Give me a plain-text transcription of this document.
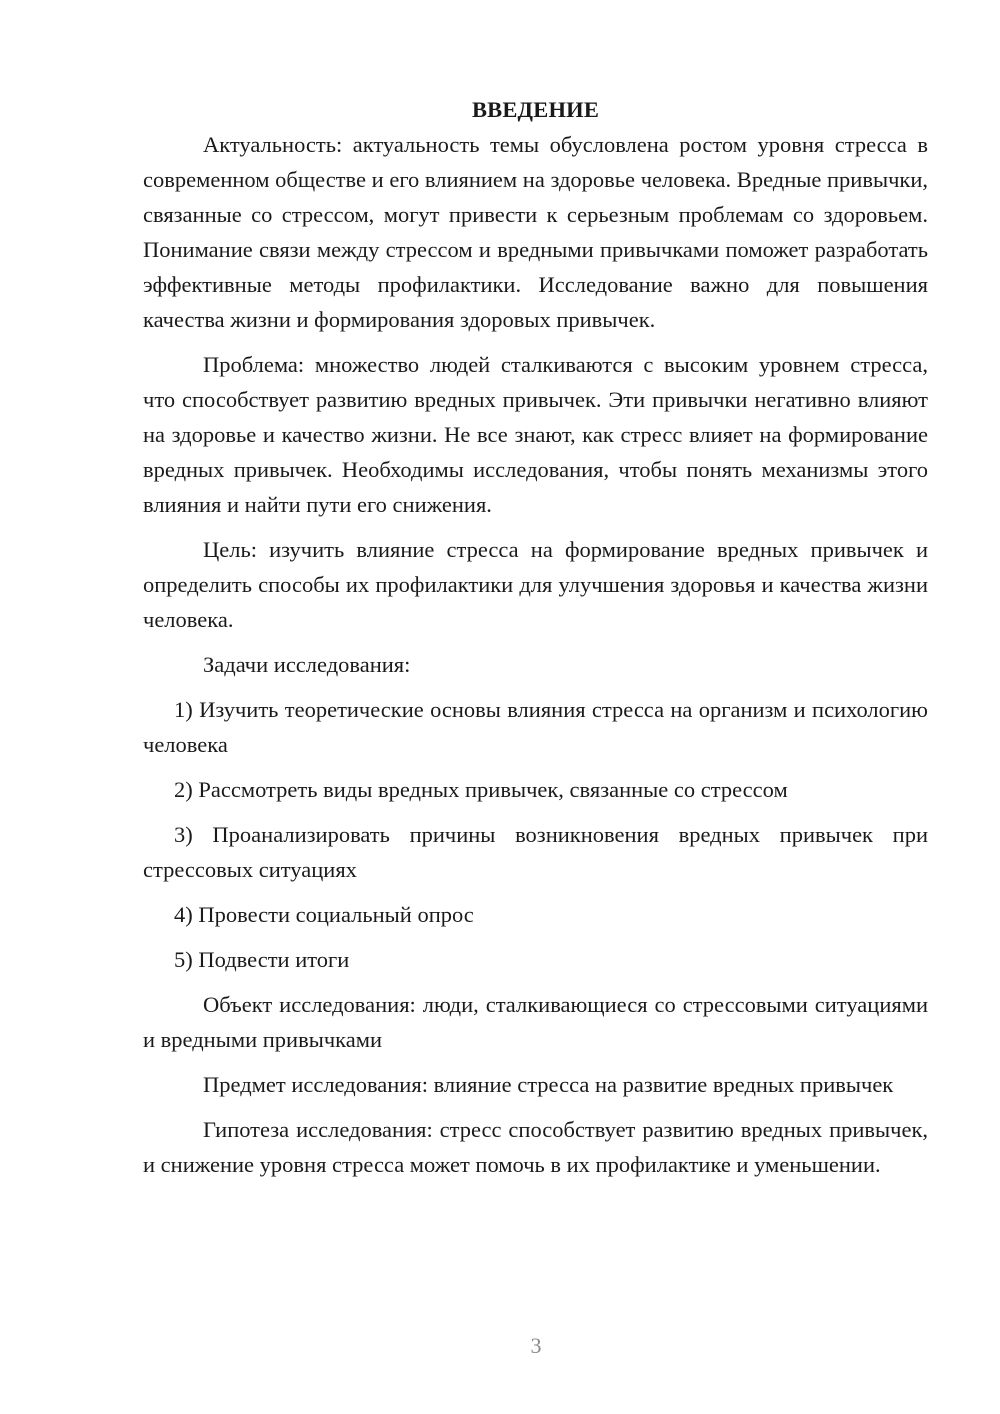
ВВЕДЕНИЕ

Актуальность: актуальность темы обусловлена ростом уровня стресса в современном обществе и его влиянием на здоровье человека. Вредные привычки, связанные со стрессом, могут привести к серьезным проблемам со здоровьем. Понимание связи между стрессом и вредными привычками поможет разработать эффективные методы профилактики. Исследование важно для повышения качества жизни и формирования здоровых привычек.

Проблема: множество людей сталкиваются с высоким уровнем стресса, что способствует развитию вредных привычек. Эти привычки негативно влияют на здоровье и качество жизни. Не все знают, как стресс влияет на формирование вредных привычек. Необходимы исследования, чтобы понять механизмы этого влияния и найти пути его снижения.

Цель: изучить влияние стресса на формирование вредных привычек и определить способы их профилактики для улучшения здоровья и качества жизни человека.

Задачи исследования:

1) Изучить теоретические основы влияния стресса на организм и психологию человека

2) Рассмотреть виды вредных привычек, связанные со стрессом

3) Проанализировать причины возникновения вредных привычек при стрессовых ситуациях

4) Провести социальный опрос

5) Подвести итоги

Объект исследования: люди, сталкивающиеся со стрессовыми ситуациями и вредными привычками

Предмет исследования: влияние стресса на развитие вредных привычек

Гипотеза исследования: стресс способствует развитию вредных привычек, и снижение уровня стресса может помочь в их профилактике и уменьшении.

3
